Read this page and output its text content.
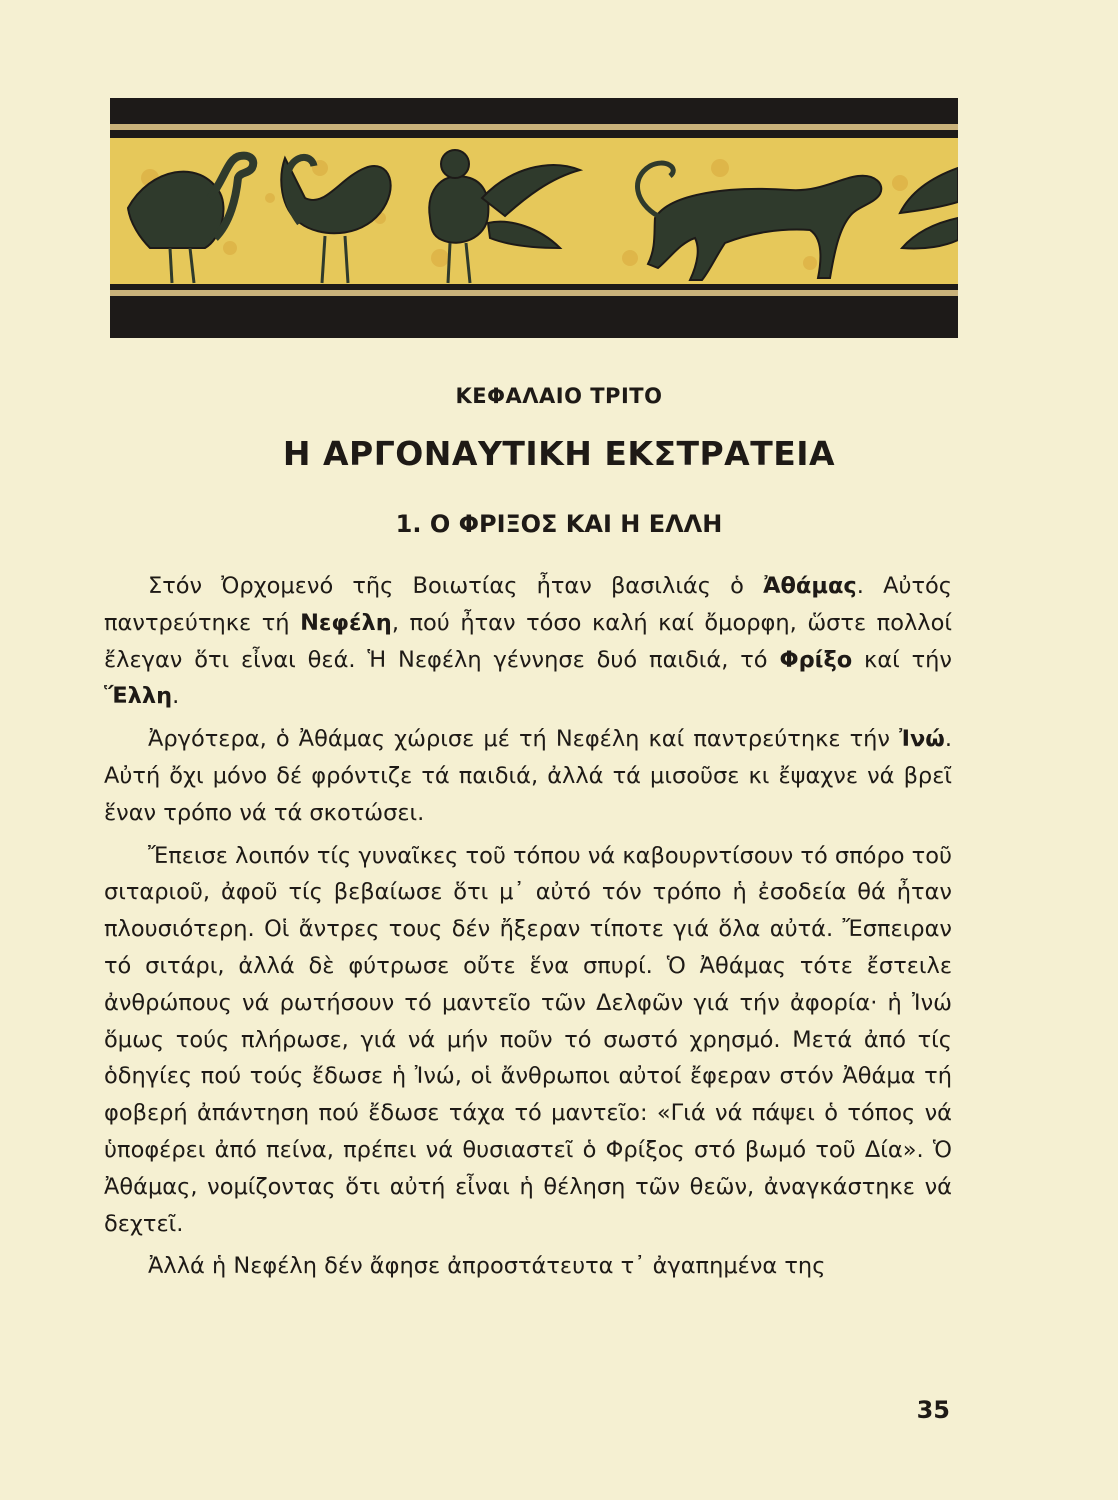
ΚΕΦΑΛΑΙΟ ΤΡΙΤΟ
Η ΑΡΓΟΝΑΥΤΙΚΗ ΕΚΣΤΡΑΤΕΙΑ
1. Ο ΦΡΙΞΟΣ ΚΑΙ Η ΕΛΛΗ

Στόν Ὀρχομενό τῆς Βοιωτίας ἦταν βασιλιάς ὁ Ἀθάμας. Αὐτός παντρεύτηκε τή Νεφέλη, πού ἦταν τόσο καλή καί ὄμορφη, ὥστε πολλοί ἔλεγαν ὅτι εἶναι θεά. Ἡ Νεφέλη γέννησε δυό παιδιά, τό Φρίξο καί τήν Ἕλλη.

Ἀργότερα, ὁ Ἀθάμας χώρισε μέ τή Νεφέλη καί παντρεύτηκε τήν Ἰνώ. Αὐτή ὄχι μόνο δέ φρόντιζε τά παιδιά, ἀλλά τά μισοῦσε κι ἔψαχνε νά βρεῖ ἕναν τρόπο νά τά σκοτώσει.

Ἔπεισε λοιπόν τίς γυναῖκες τοῦ τόπου νά καβουρντίσουν τό σπόρο τοῦ σιταριοῦ, ἀφοῦ τίς βεβαίωσε ὅτι μ᾿ αὐτό τόν τρόπο ἡ ἐσοδεία θά ἦταν πλουσιότερη. Οἱ ἄντρες τους δέν ἤξεραν τίποτε γιά ὅλα αὐτά. Ἔσπειραν τό σιτάρι, ἀλλά δὲ φύτρωσε οὔτε ἕνα σπυρί. Ὁ Ἀθάμας τότε ἔστειλε ἀνθρώπους νά ρωτήσουν τό μαντεῖο τῶν Δελφῶν γιά τήν ἀφορία· ἡ Ἰνώ ὅμως τούς πλήρωσε, γιά νά μήν ποῦν τό σωστό χρησμό. Μετά ἀπό τίς ὁδηγίες πού τούς ἔδωσε ἡ Ἰνώ, οἱ ἄνθρωποι αὐτοί ἔφεραν στόν Ἀθάμα τή φοβερή ἀπάντηση πού ἔδωσε τάχα τό μαντεῖο: «Γιά νά πάψει ὁ τόπος νά ὑποφέρει ἀπό πείνα, πρέπει νά θυσιαστεῖ ὁ Φρίξος στό βωμό τοῦ Δία». Ὁ Ἀθάμας, νομίζοντας ὅτι αὐτή εἶναι ἡ θέληση τῶν θεῶν, ἀναγκάστηκε νά δεχτεῖ.

Ἀλλά ἡ Νεφέλη δέν ἄφησε ἀπροστάτευτα τ᾿ ἀγαπημένα της

35
